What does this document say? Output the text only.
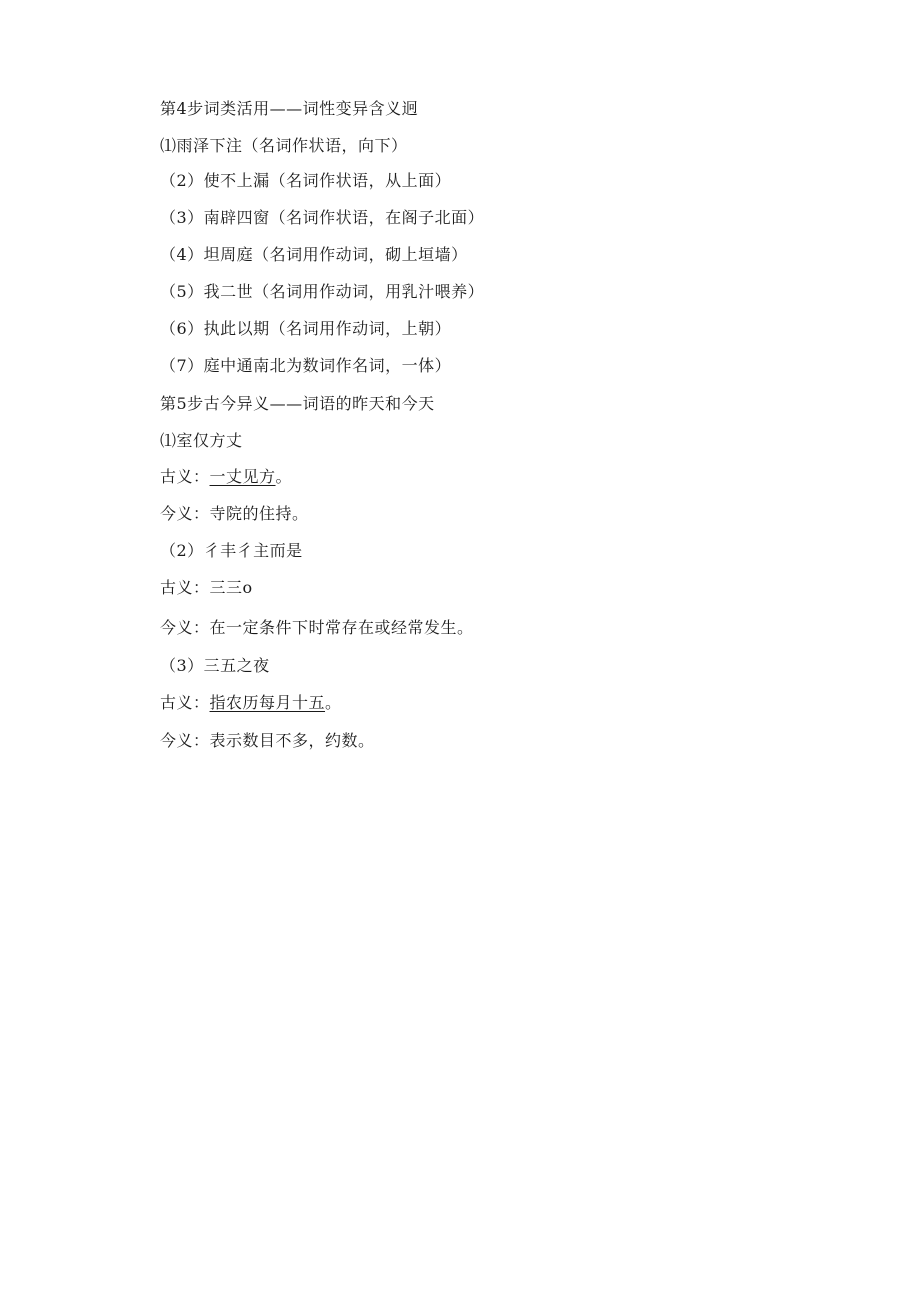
第4步词类活用——词性变异含义迥
⑴雨泽下注（名词作状语，向下）
（2）使不上漏（名词作状语，从上面）
（3）南辟四窗（名词作状语，在阁子北面）
（4）坦周庭（名词用作动词，砌上垣墙）
（5）我二世（名词用作动词，用乳汁喂养）
（6）执此以期（名词用作动词，上朝）
（7）庭中通南北为数词作名词，一体）
第5步古今异义——词语的昨天和今天
⑴室仅方丈
古义：一丈见方。
今义：寺院的住持。
（2）彳丰彳主而是
古义：三三o
今义：在一定条件下时常存在或经常发生。
（3）三五之夜
古义：指农历每月十五。
今义：表示数目不多，约数。
